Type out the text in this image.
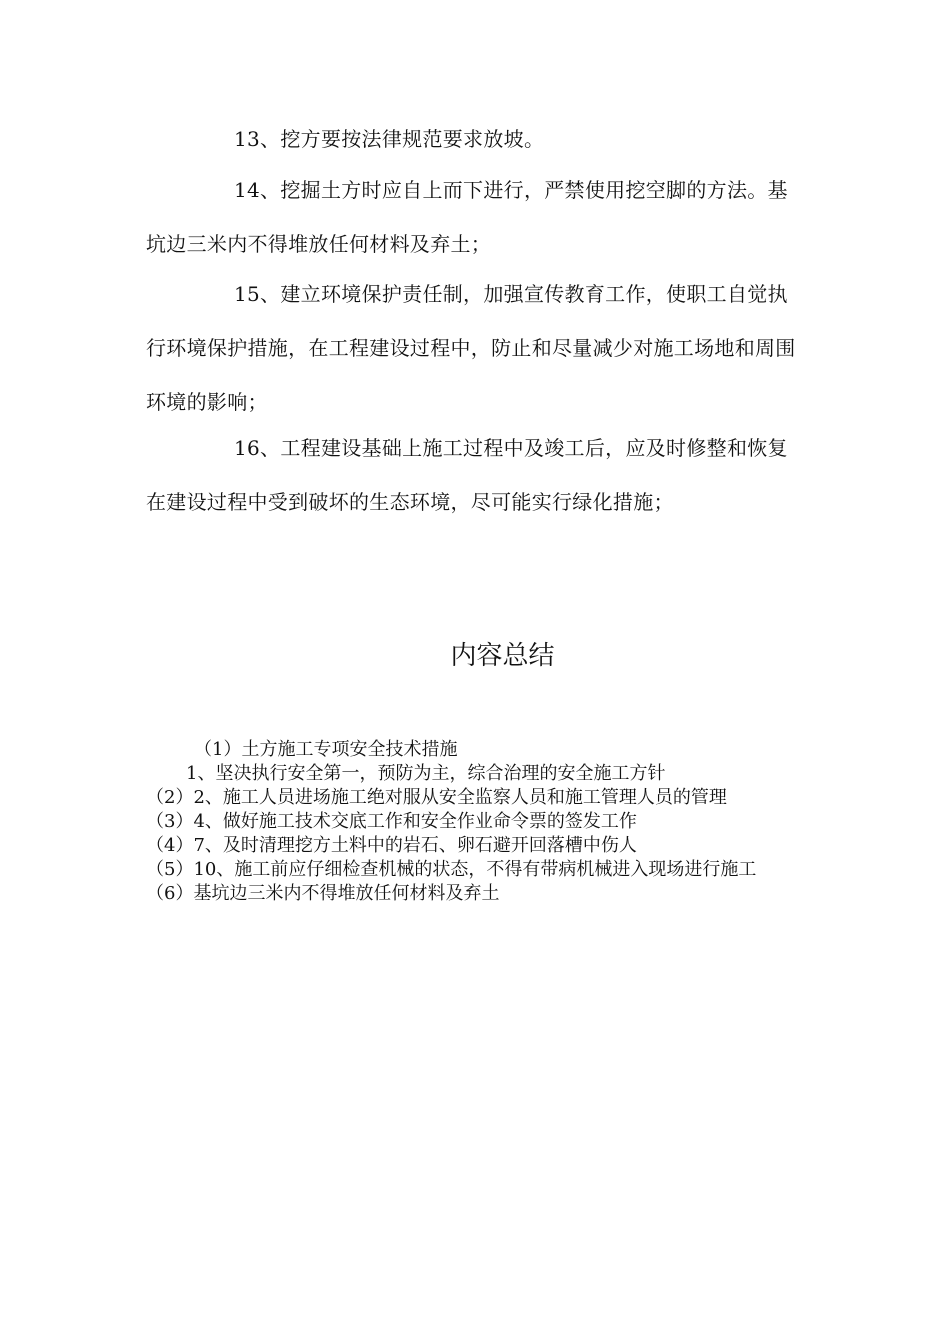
13、挖方要按法律规范要求放坡。

14、挖掘土方时应自上而下进行，严禁使用挖空脚的方法。基坑边三米内不得堆放任何材料及弃土；

15、建立环境保护责任制，加强宣传教育工作，使职工自觉执行环境保护措施，在工程建设过程中，防止和尽量减少对施工场地和周围环境的影响；

16、工程建设基础上施工过程中及竣工后，应及时修整和恢复在建设过程中受到破坏的生态环境，尽可能实行绿化措施；

内容总结
（1）土方施工专项安全技术措施
1、坚决执行安全第一，预防为主，综合治理的安全施工方针
（2）2、施工人员进场施工绝对服从安全监察人员和施工管理人员的管理
（3）4、做好施工技术交底工作和安全作业命令票的签发工作
（4）7、及时清理挖方土料中的岩石、卵石避开回落槽中伤人
（5）10、施工前应仔细检查机械的状态，不得有带病机械进入现场进行施工
（6）基坑边三米内不得堆放任何材料及弃土
